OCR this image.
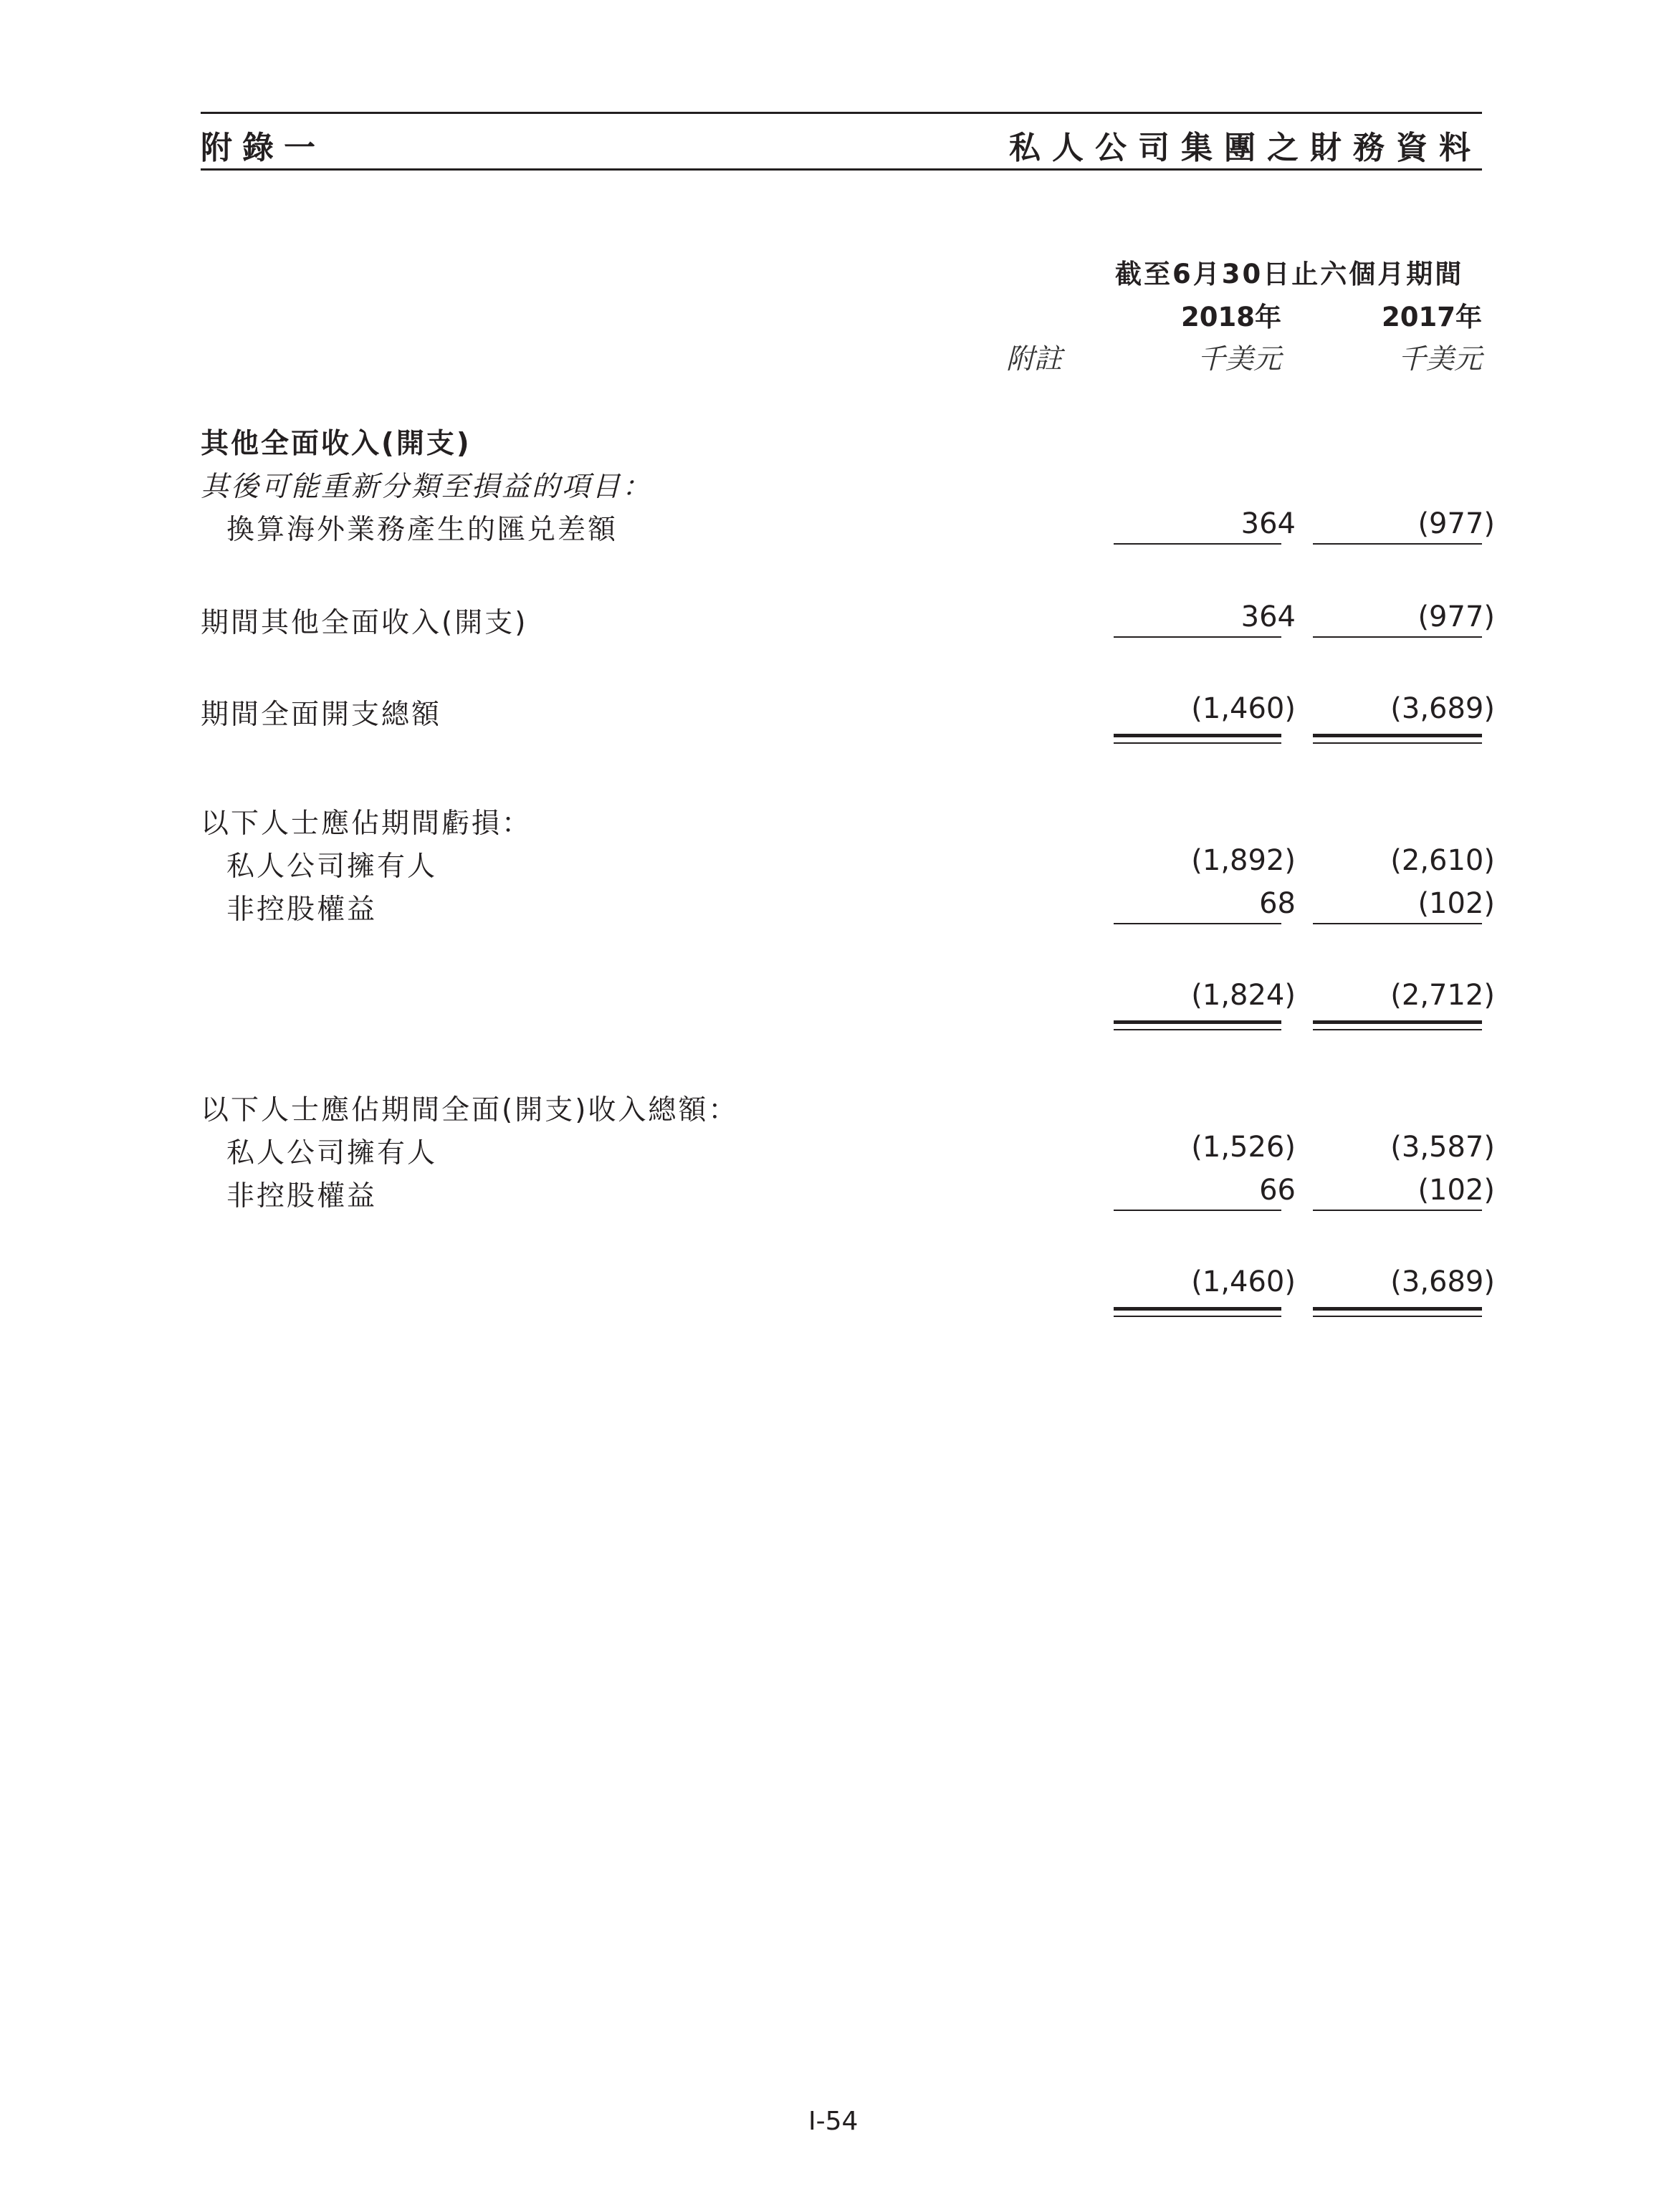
附錄一	私人公司集團之財務資料
截至6月30日止六個月期間
2018年	2017年
附註	千美元	千美元
其他全面收入(開支)
其後可能重新分類至損益的項目：
換算海外業務產生的匯兑差額	364	(977)
期間其他全面收入(開支)	364	(977)
期間全面開支總額	(1,460)	(3,689)
以下人士應佔期間虧損：
私人公司擁有人	(1,892)	(2,610)
非控股權益	68	(102)
(1,824)	(2,712)
以下人士應佔期間全面(開支)收入總額：
私人公司擁有人	(1,526)	(3,587)
非控股權益	66	(102)
(1,460)	(3,689)
I-54
